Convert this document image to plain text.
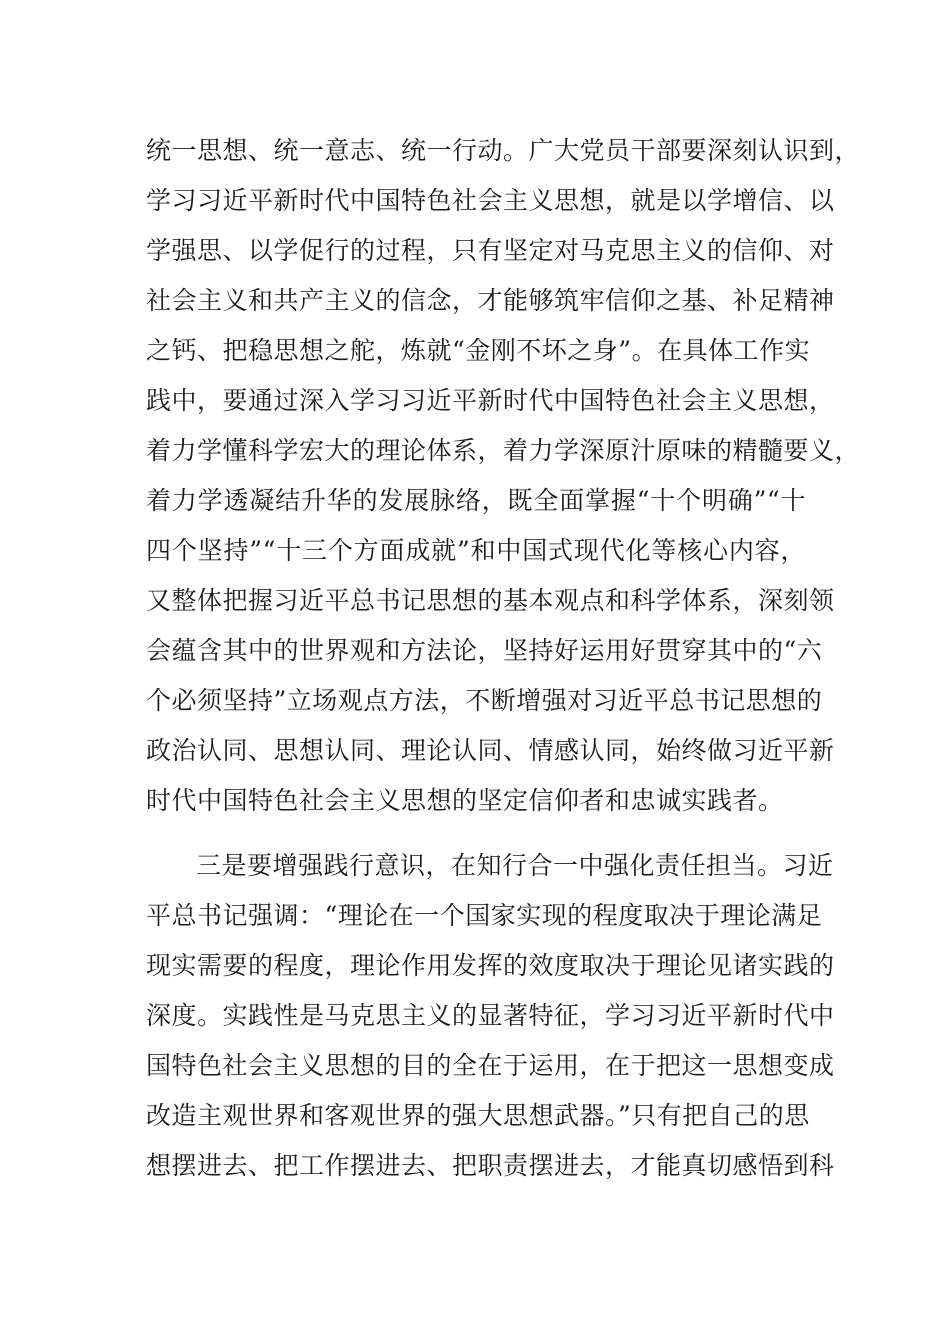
统一思想、统一意志、统一行动。广大党员干部要深刻认识到，
学习习近平新时代中国特色社会主义思想，就是以学增信、以
学强思、以学促行的过程，只有坚定对马克思主义的信仰、对
社会主义和共产主义的信念，才能够筑牢信仰之基、补足精神
之钙、把稳思想之舵，炼就“金刚不坏之身”。在具体工作实
践中，要通过深入学习习近平新时代中国特色社会主义思想，
着力学懂科学宏大的理论体系，着力学深原汁原味的精髓要义，
着力学透凝结升华的发展脉络，既全面掌握“十个明确”“十
四个坚持”“十三个方面成就”和中国式现代化等核心内容，
又整体把握习近平总书记思想的基本观点和科学体系，深刻领
会蕴含其中的世界观和方法论，坚持好运用好贯穿其中的“六
个必须坚持”立场观点方法，不断增强对习近平总书记思想的
政治认同、思想认同、理论认同、情感认同，始终做习近平新
时代中国特色社会主义思想的坚定信仰者和忠诚实践者。
三是要增强践行意识，在知行合一中强化责任担当。习近
平总书记强调：“理论在一个国家实现的程度取决于理论满足
现实需要的程度，理论作用发挥的效度取决于理论见诸实践的
深度。实践性是马克思主义的显著特征，学习习近平新时代中
国特色社会主义思想的目的全在于运用，在于把这一思想变成
改造主观世界和客观世界的强大思想武器。”只有把自己的思
想摆进去、把工作摆进去、把职责摆进去，才能真切感悟到科
